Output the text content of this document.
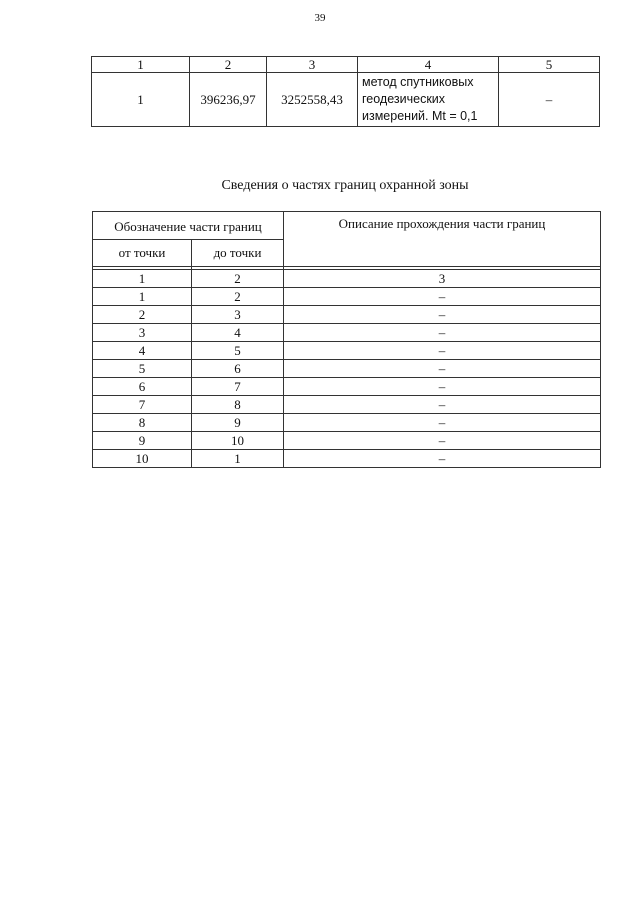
39
1	2	3	4	5
1	396236,97	3252558,43	метод спутниковых
геодезических
измерений. Mt = 0,1	–
Сведения о частях границ охранной зоны
Обозначение части границ		Описание прохождения части границ
от точки	до точки	

1	2	3
1	2	–
2	3	–
3	4	–
4	5	–
5	6	–
6	7	–
7	8	–
8	9	–
9	10	–
10	1	–
